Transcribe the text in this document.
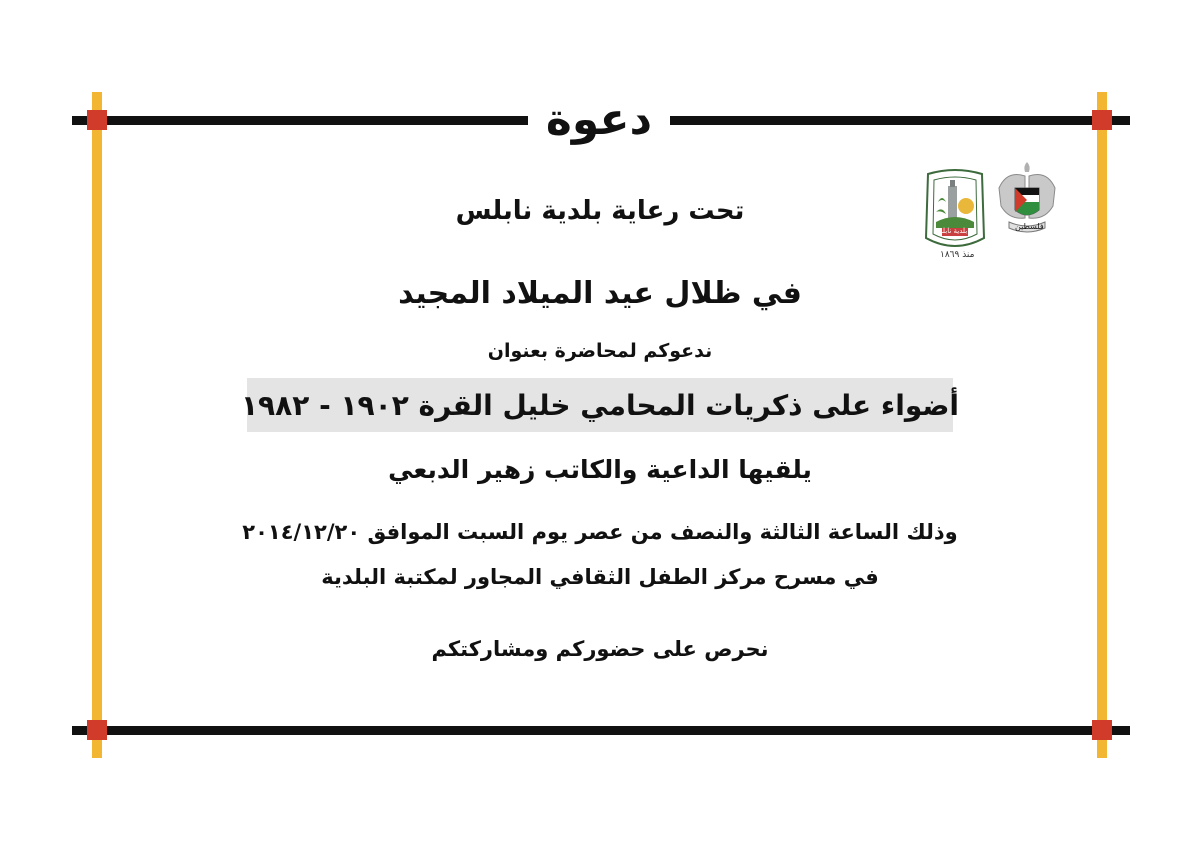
دعوة
بلدية نابلس
منذ ١٨٦٩
فلسطين
تحت رعاية بلدية نابلس
في ظلال عيد الميلاد المجيد
ندعوكم لمحاضرة بعنوان
أضواء على ذكريات المحامي خليل القرة ١٩٠٢ - ١٩٨٢
يلقيها الداعية والكاتب زهير الدبعي
وذلك الساعة الثالثة والنصف من عصر يوم السبت الموافق ٢٠١٤/١٢/٢٠
في مسرح مركز الطفل الثقافي المجاور لمكتبة البلدية
نحرص على حضوركم ومشاركتكم
